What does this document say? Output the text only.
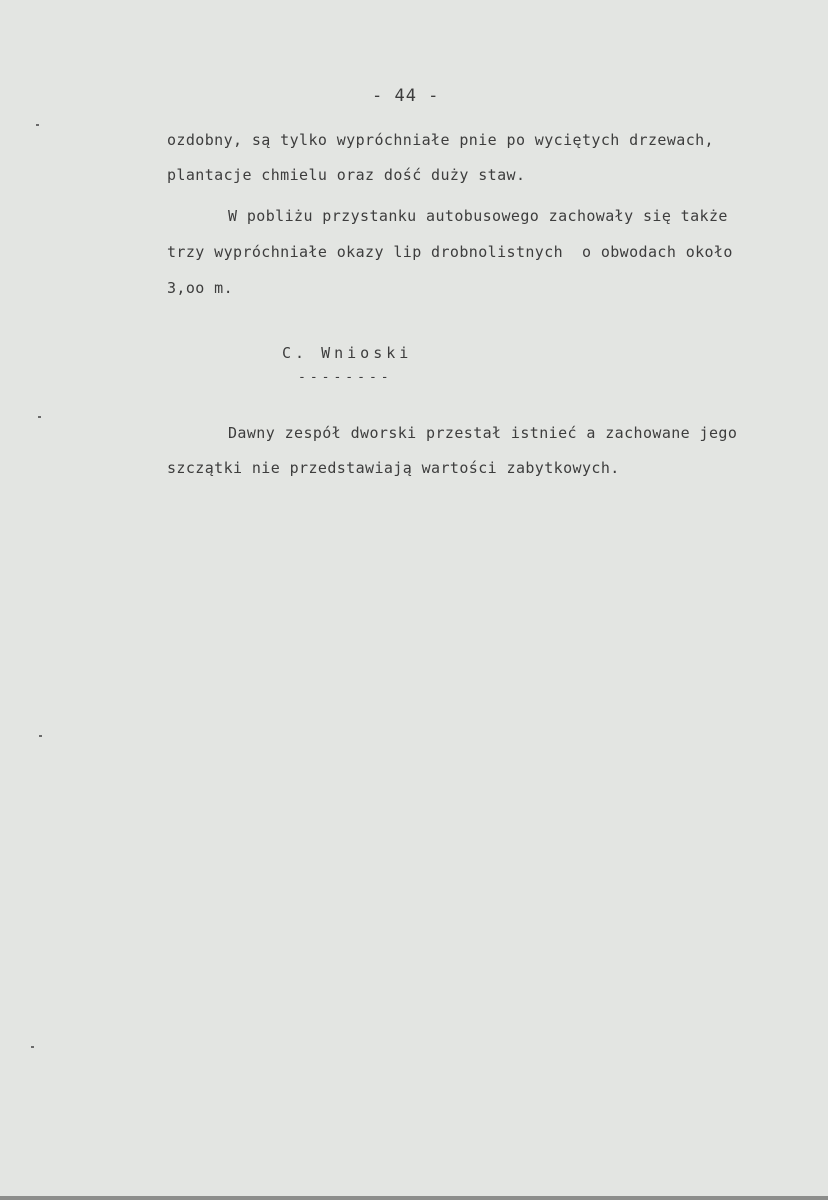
- 44 -
ozdobny, są tylko wypróchniałe pnie po wyciętych drzewach,
plantacje chmielu oraz dość duży staw.
W pobliżu przystanku autobusowego zachowały się także
trzy wypróchniałe okazy lip drobnolistnych  o obwodach około
3,oo m.
C. Wnioski
--------
Dawny zespół dworski przestał istnieć a zachowane jego
szczątki nie przedstawiają wartości zabytkowych.
